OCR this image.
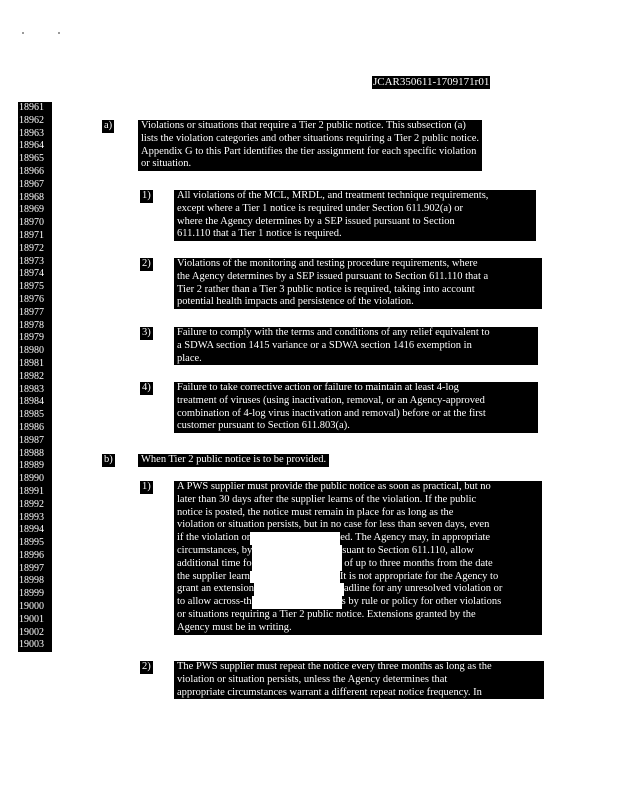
JCAR350611-1709171r01
18961
18962
18963
18964
18965
18966
18967
18968
18969
18970
18971
18972
18973
18974
18975
18976
18977
18978
18979
18980
18981
18982
18983
18984
18985
18986
18987
18988
18989
18990
18991
18992
18993
18994
18995
18996
18997
18998
18999
19000
19001
19002
19003
a)	Violations or situations that require a Tier 2 public notice. This subsection (a)
lists the violation categories and other situations requiring a Tier 2 public notice.
Appendix G to this Part identifies the tier assignment for each specific violation
or situation.
1)	All violations of the MCL, MRDL, and treatment technique requirements,
except where a Tier 1 notice is required under Section 611.902(a) or
where the Agency determines by a SEP issued pursuant to Section
611.110 that a Tier 1 notice is required.
2)	Violations of the monitoring and testing procedure requirements, where
the Agency determines by a SEP issued pursuant to Section 611.110 that a
Tier 2 rather than a Tier 3 public notice is required, taking into account
potential health impacts and persistence of the violation.
3)	Failure to comply with the terms and conditions of any relief equivalent to
a SDWA section 1415 variance or a SDWA section 1416 exemption in
place.
4)	Failure to take corrective action or failure to maintain at least 4-log
treatment of viruses (using inactivation, removal, or an Agency-approved
combination of 4-log virus inactivation and removal) before or at the first
customer pursuant to Section 611.803(a).
b)	When Tier 2 public notice is to be provided.
1)	A PWS supplier must provide the public notice as soon as practical, but no
later than 30 days after the supplier learns of the violation. If the public
notice is posted, the notice must remain in place for as long as the
violation or situation persists, but in no case for less than seven days, even
if the violation or	ed. The Agency may, in appropriate
circumstances, by	suant to Section 611.110, allow
additional time fo	of up to three months from the date
the supplier learn	It is not appropriate for the Agency to
grant an extension	adline for any unresolved violation or
to allow across-th	s by rule or policy for other violations
or situations requiring a Tier 2 public notice. Extensions granted by the
Agency must be in writing.
2)	The PWS supplier must repeat the notice every three months as long as the
violation or situation persists, unless the Agency determines that
appropriate circumstances warrant a different repeat notice frequency. In
